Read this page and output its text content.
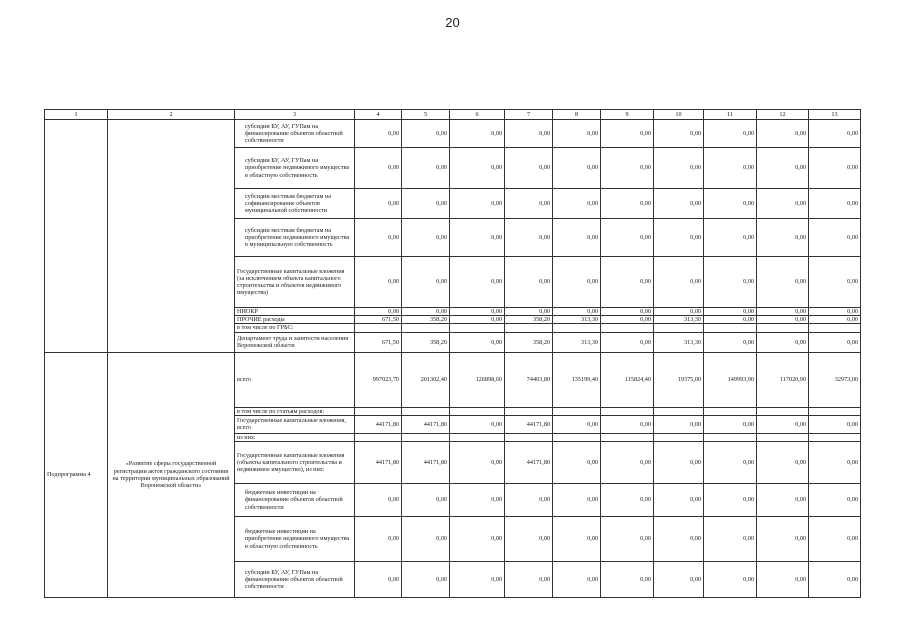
20
1	2	3	4	5	6	7	8	9	10	11	12	13
		субсидии БУ, АУ, ГУПам на финансирование объектов областной собственности	0,00	0,00	0,00	0,00	0,00	0,00	0,00	0,00	0,00	0,00
		субсидии БУ, АУ, ГУПам на приобретение недвижимого имущества в областную собственность	0,00	0,00	0,00	0,00	0,00	0,00	0,00	0,00	0,00	0,00
		субсидии местным бюджетам на софинансирование объектов муниципальной собственности	0,00	0,00	0,00	0,00	0,00	0,00	0,00	0,00	0,00	0,00
		субсидии местным бюджетам на приобретение недвижимого имущества в муниципальную собственность	0,00	0,00	0,00	0,00	0,00	0,00	0,00	0,00	0,00	0,00
		Государственные капитальные вложения (за исключением объекта капитального строительства и объектов недвижимого имущества)	0,00	0,00	0,00	0,00	0,00	0,00	0,00	0,00	0,00	0,00
		НИОКР	0,00	0,00	0,00	0,00	0,00	0,00	0,00	0,00	0,00	0,00
		ПРОЧИЕ расходы	671,50	358,20	0,00	358,20	313,30	0,00	313,30	0,00	0,00	0,00
		в том числе по ГРБС:										
		Департамент труда и занятости населения Воронежской области	671,50	358,20	0,00	358,20	313,30	0,00	313,30	0,00	0,00	0,00
Подпрограмма 4	«Развитие сферы государственной регистрации актов гражданского состояния на территории муниципальных образований Воронежской области»	всего	997023,70	201302,40	126898,60	74403,80	135199,40	115824,40	19375,00	149993,90	117020,90	32973,00
		в том числе по статьям расходов:										
		Государственные капитальные вложения, всего	44171,80	44171,80	0,00	44171,80	0,00	0,00	0,00	0,00	0,00	0,00
		из них:										
		Государственные капитальные вложения (объекты капитального строительства и недвижимое имущество), из них:	44171,80	44171,80	0,00	44171,80	0,00	0,00	0,00	0,00	0,00	0,00
		бюджетные инвестиции на финансирование объектов областной собственности	0,00	0,00	0,00	0,00	0,00	0,00	0,00	0,00	0,00	0,00
		бюджетные инвестиции на приобретение недвижимого имущества в областную собственность	0,00	0,00	0,00	0,00	0,00	0,00	0,00	0,00	0,00	0,00
		субсидии БУ, АУ, ГУПам на финансирование объектов областной собственности	0,00	0,00	0,00	0,00	0,00	0,00	0,00	0,00	0,00	0,00
